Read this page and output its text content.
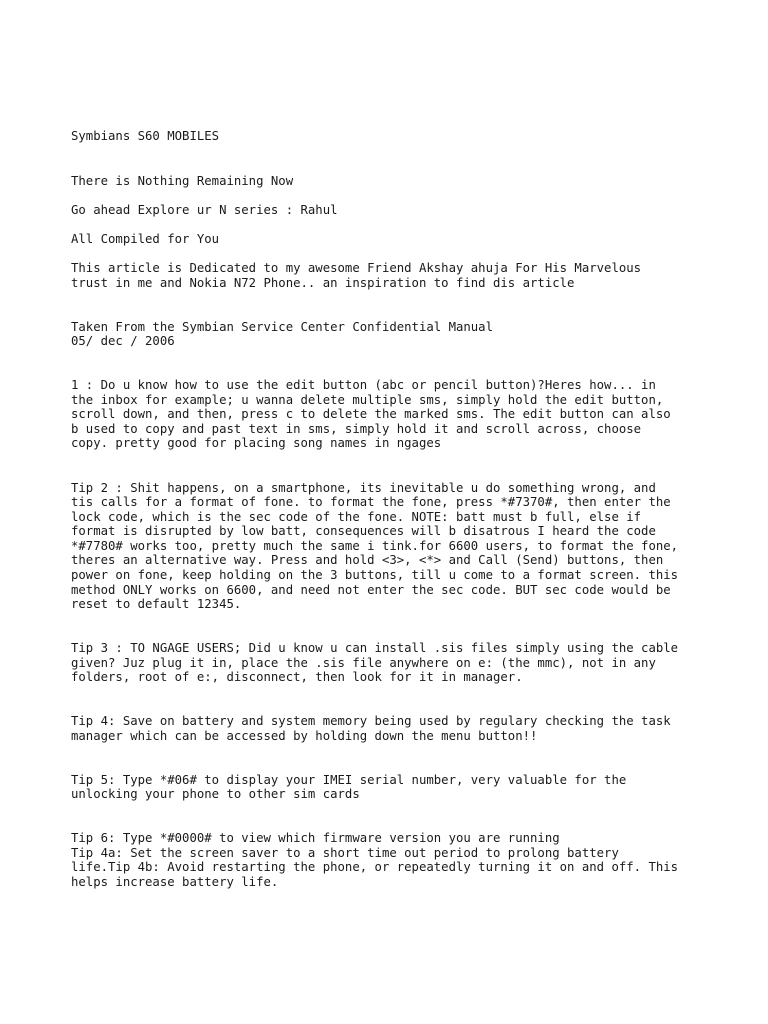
Symbians S60 MOBILES
There is Nothing Remaining Now
Go ahead Explore ur N series : Rahul
All Compiled for You
This article is Dedicated to my awesome Friend Akshay ahuja For His Marvelous
trust in me and Nokia N72 Phone.. an inspiration to find dis article
Taken From the Symbian Service Center Confidential Manual
05/ dec / 2006
1 : Do u know how to use the edit button (abc or pencil button)?Heres how... in
the inbox for example; u wanna delete multiple sms, simply hold the edit button,
scroll down, and then, press c to delete the marked sms. The edit button can also
b used to copy and past text in sms, simply hold it and scroll across, choose
copy. pretty good for placing song names in ngages
Tip 2 : Shit happens, on a smartphone, its inevitable u do something wrong, and
tis calls for a format of fone. to format the fone, press *#7370#, then enter the
lock code, which is the sec code of the fone. NOTE: batt must b full, else if
format is disrupted by low batt, consequences will b disatrous I heard the code
*#7780# works too, pretty much the same i tink.for 6600 users, to format the fone,
theres an alternative way. Press and hold <3>, <*> and Call (Send) buttons, then
power on fone, keep holding on the 3 buttons, till u come to a format screen. this
method ONLY works on 6600, and need not enter the sec code. BUT sec code would be
reset to default 12345.
Tip 3 : TO NGAGE USERS; Did u know u can install .sis files simply using the cable
given? Juz plug it in, place the .sis file anywhere on e: (the mmc), not in any
folders, root of e:, disconnect, then look for it in manager.
Tip 4: Save on battery and system memory being used by regulary checking the task
manager which can be accessed by holding down the menu button!!
Tip 5: Type *#06# to display your IMEI serial number, very valuable for the
unlocking your phone to other sim cards
Tip 6: Type *#0000# to view which firmware version you are running
Tip 4a: Set the screen saver to a short time out period to prolong battery
life.Tip 4b: Avoid restarting the phone, or repeatedly turning it on and off. This
helps increase battery life.
